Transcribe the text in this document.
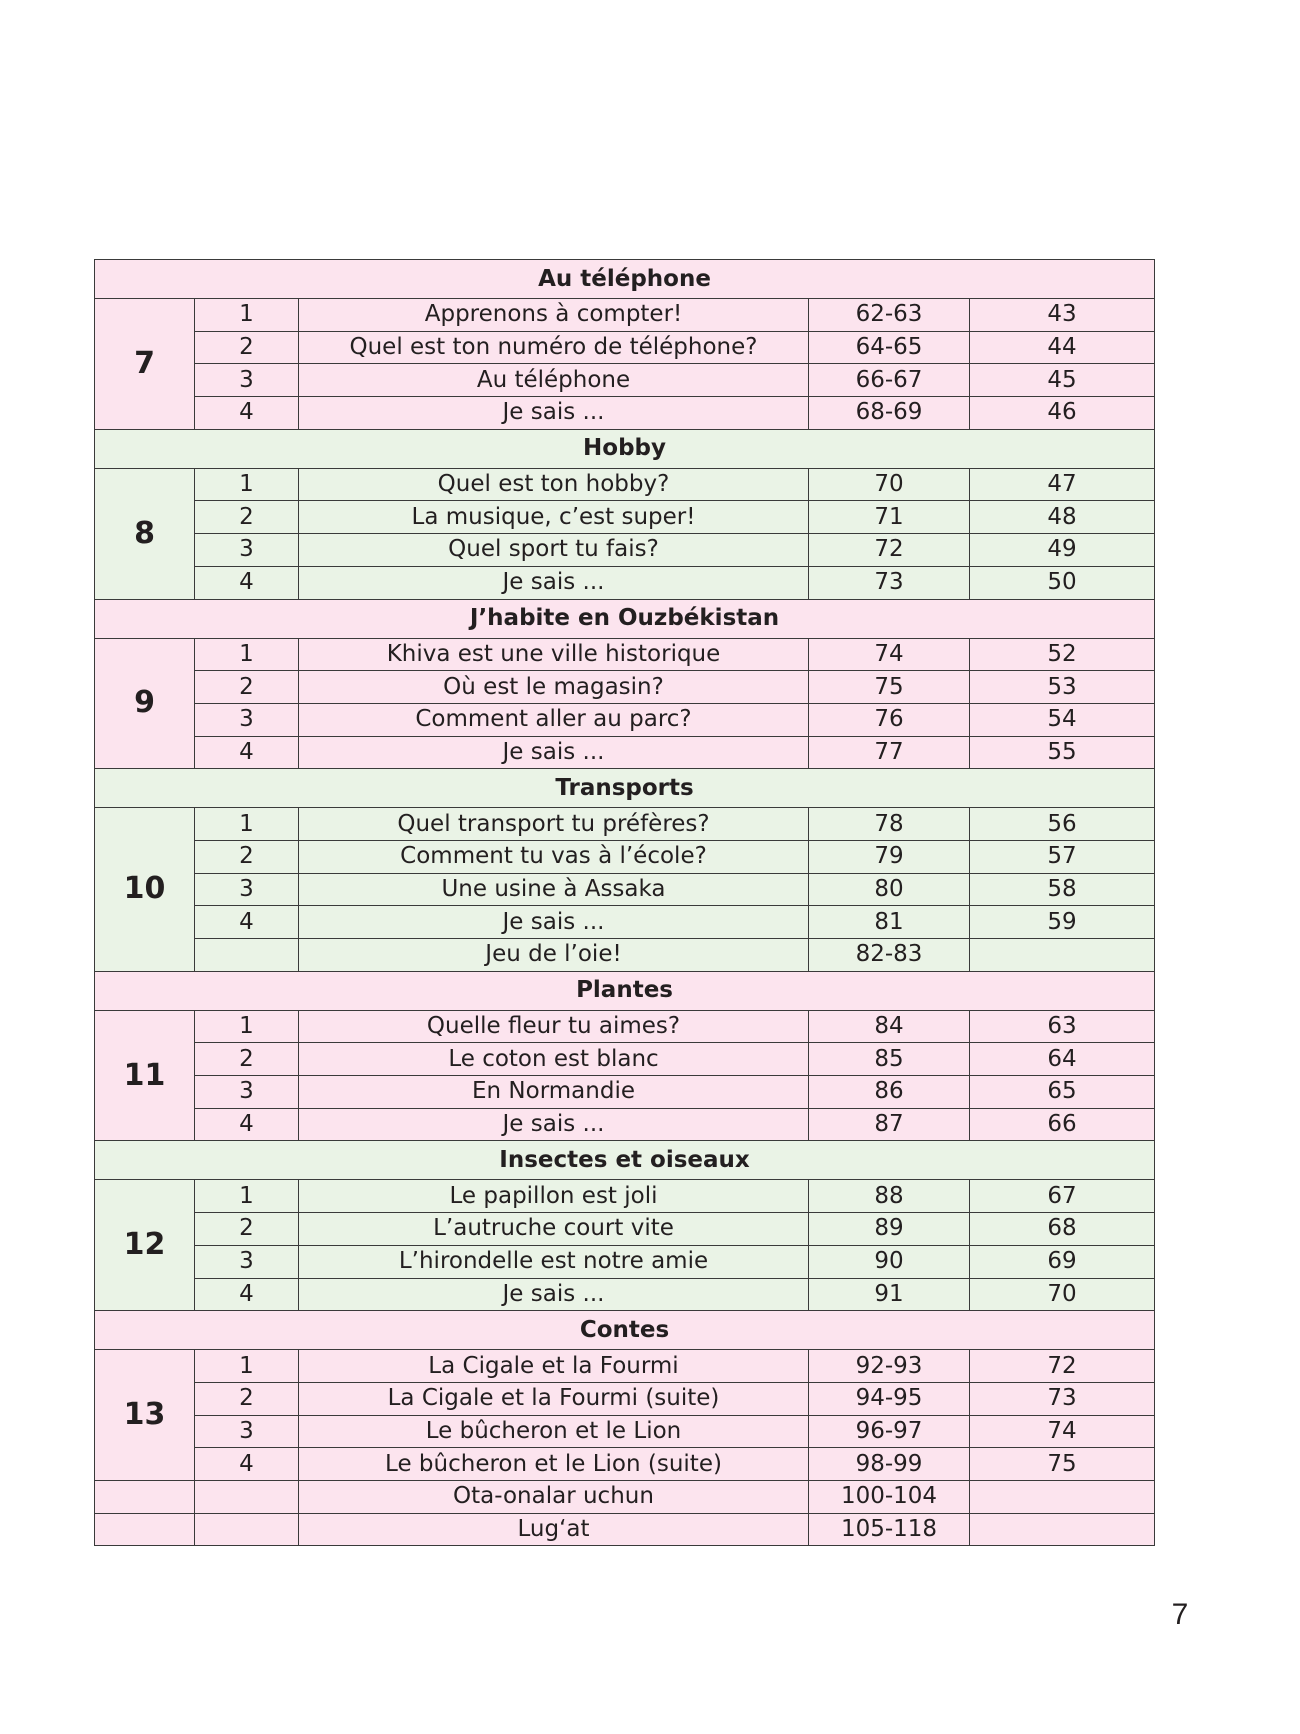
Au téléphone				
7	1	Apprenons à compter!	62-63	43
	2	Quel est ton numéro de téléphone?	64-65	44
	3	Au téléphone	66-67	45
	4	Je sais ...	68-69	46
Hobby				
8	1	Quel est ton hobby?	70	47
	2	La musique, c’est super!	71	48
	3	Quel sport tu fais?	72	49
	4	Je sais ...	73	50
J’habite en Ouzbékistan				
9	1	Khiva est une ville historique	74	52
	2	Où est le magasin?	75	53
	3	Comment aller au parc?	76	54
	4	Je sais ...	77	55
Transports				
10	1	Quel transport tu préfères?	78	56
	2	Comment tu vas à l’école?	79	57
	3	Une usine à Assaka	80	58
	4	Je sais ...	81	59
		Jeu de l’oie!	82-83	
Plantes				
11	1	Quelle fleur tu aimes?	84	63
	2	Le coton est blanc	85	64
	3	En Normandie	86	65
	4	Je sais ...	87	66
Insectes et oiseaux				
12	1	Le papillon est joli	88	67
	2	L’autruche court vite	89	68
	3	L’hirondelle est notre amie	90	69
	4	Je sais ...	91	70
Contes				
13	1	La Cigale et la Fourmi	92-93	72
	2	La Cigale et la Fourmi (suite)	94-95	73
	3	Le bûcheron et le Lion	96-97	74
	4	Le bûcheron et le Lion (suite)	98-99	75
		Ota-onalar uchun	100-104	
		Lug‘at	105-118	
7
